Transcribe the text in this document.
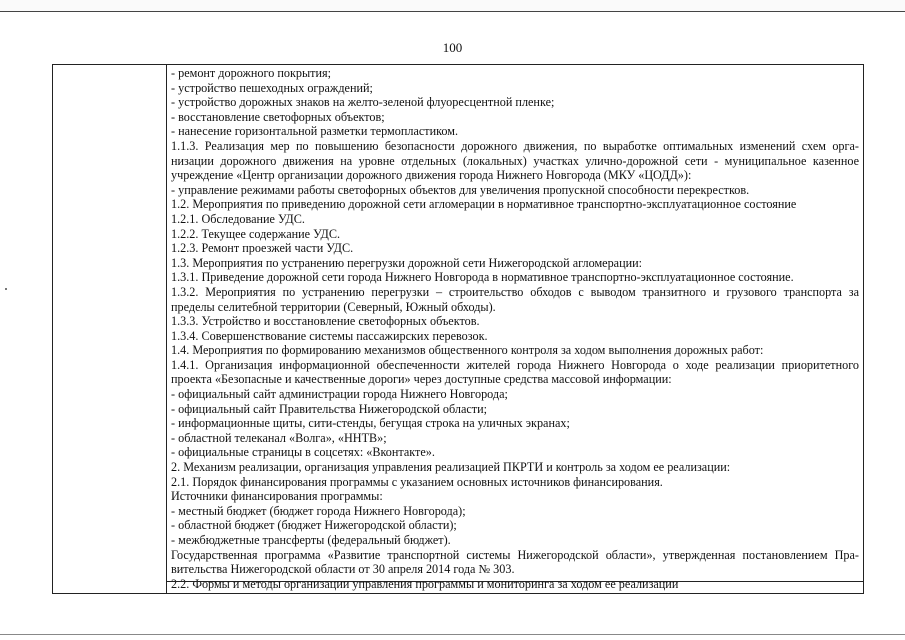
100
- ремонт дорожного покрытия;
- устройство пешеходных ограждений;
- устройство дорожных знаков на желто-зеленой флуоресцентной пленке;
- восстановление светофорных объектов;
- нанесение горизонтальной разметки термопластиком.
1.1.3. Реализация мер по повышению безопасности дорожного движения, по выработке оптимальных изменений схем орга-
низации дорожного движения на уровне отдельных (локальных) участках улично-дорожной сети - муниципальное казенное
учреждение «Центр организации дорожного движения города Нижнего Новгорода (МКУ «ЦОДД»):
- управление режимами работы светофорных объектов для увеличения пропускной способности перекрестков.
1.2. Мероприятия по приведению дорожной сети агломерации в нормативное транспортно-эксплуатационное состояние
1.2.1. Обследование УДС.
1.2.2. Текущее содержание УДС.
1.2.3. Ремонт проезжей части УДС.
1.3. Мероприятия по устранению перегрузки дорожной сети Нижегородской агломерации:
1.3.1. Приведение дорожной сети города Нижнего Новгорода в нормативное транспортно-эксплуатационное состояние.
1.3.2. Мероприятия по устранению перегрузки – строительство обходов с выводом транзитного и грузового транспорта за
пределы селитебной территории (Северный, Южный обходы).
1.3.3. Устройство и восстановление светофорных объектов.
1.3.4. Совершенствование системы пассажирских перевозок.
1.4. Мероприятия по формированию механизмов общественного контроля за ходом выполнения дорожных работ:
1.4.1. Организация информационной обеспеченности жителей города Нижнего Новгорода о ходе реализации приоритетного
проекта «Безопасные и качественные дороги» через доступные средства массовой информации:
- официальный сайт администрации города Нижнего Новгорода;
- официальный сайт Правительства Нижегородской области;
- информационные щиты, сити-стенды, бегущая строка на уличных экранах;
- областной телеканал «Волга», «ННТВ»;
- официальные страницы в соцсетях: «Вконтакте».
2. Механизм реализации, организация управления реализацией ПКРТИ и контроль за ходом ее реализации:
2.1. Порядок финансирования программы с указанием основных источников финансирования.
Источники финансирования программы:
- местный бюджет (бюджет города Нижнего Новгорода);
- областной бюджет (бюджет Нижегородской области);
- межбюджетные трансферты (федеральный бюджет).
Государственная программа «Развитие транспортной системы Нижегородской области», утвержденная постановлением Пра-
вительства Нижегородской области от 30 апреля 2014 года № 303.
2.2. Формы и методы организации управления программы и мониторинга за ходом ее реализации
